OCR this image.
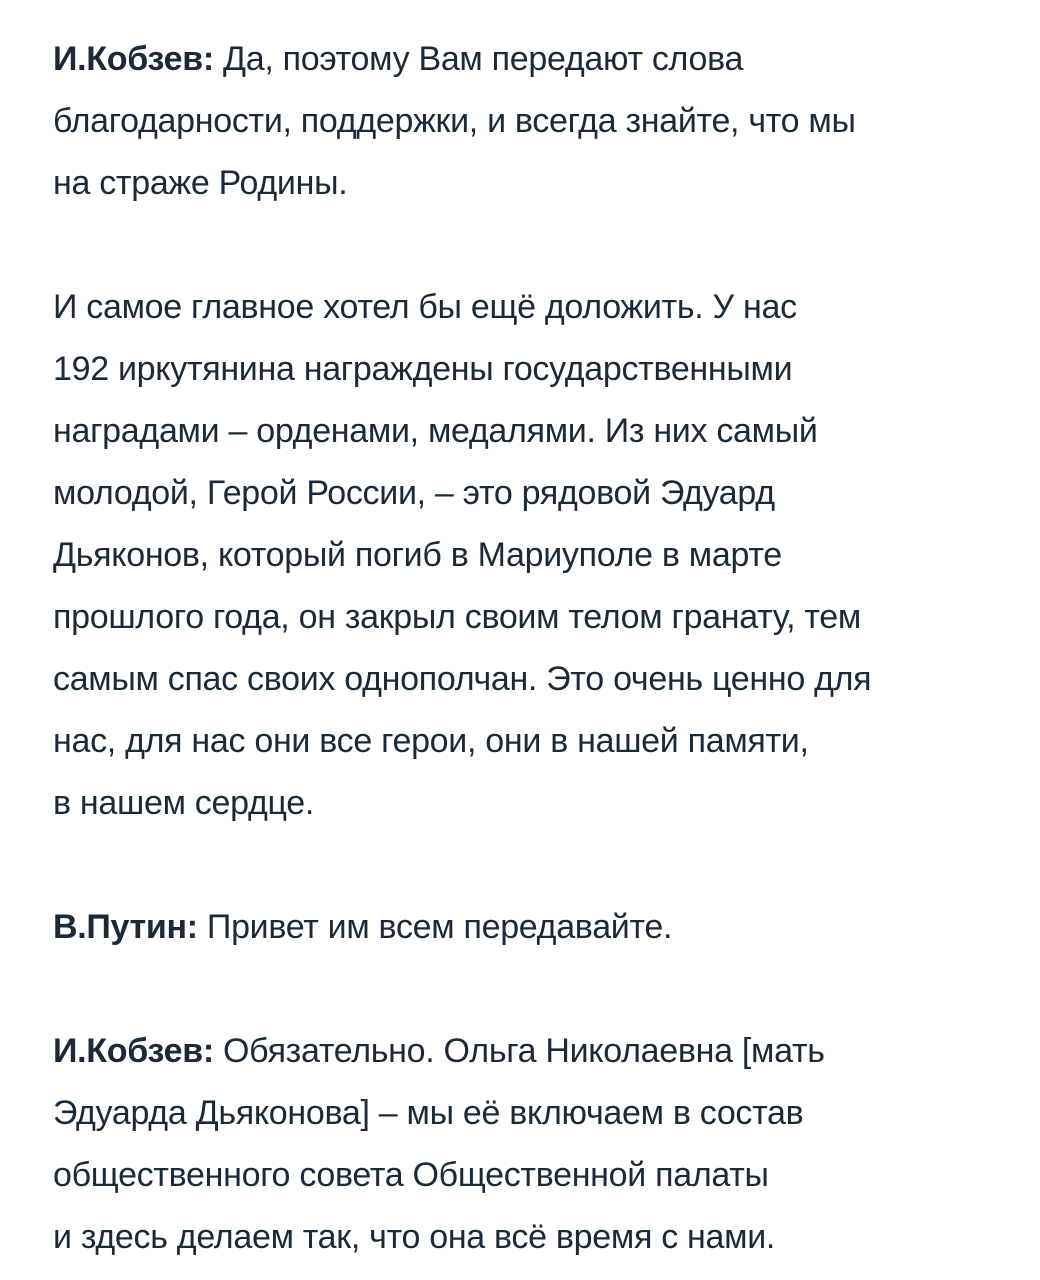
И.Кобзев: Да, поэтому Вам передают слова
благодарности, поддержки, и всегда знайте, что мы
на страже Родины.

И самое главное хотел бы ещё доложить. У нас
192 иркутянина награждены государственными
наградами – орденами, медалями. Из них самый
молодой, Герой России, – это рядовой Эдуард
Дьяконов, который погиб в Мариуполе в марте
прошлого года, он закрыл своим телом гранату, тем
самым спас своих однополчан. Это очень ценно для
нас, для нас они все герои, они в нашей памяти,
в нашем сердце.

В.Путин: Привет им всем передавайте.

И.Кобзев: Обязательно. Ольга Николаевна [мать
Эдуарда Дьяконова] – мы её включаем в состав
общественного совета Общественной палаты
и здесь делаем так, что она всё время с нами.
